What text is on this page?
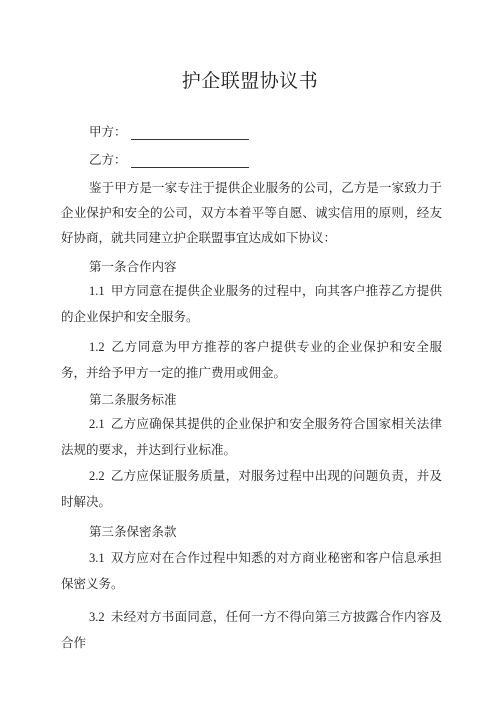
护企联盟协议书
甲方：
乙方：
鉴于甲方是一家专注于提供企业服务的公司，乙方是一家致力于企业保护和安全的公司，双方本着平等自愿、诚实信用的原则，经友好协商，就共同建立护企联盟事宜达成如下协议：
第一条合作内容
1.1 甲方同意在提供企业服务的过程中，向其客户推荐乙方提供的企业保护和安全服务。
1.2 乙方同意为甲方推荐的客户提供专业的企业保护和安全服务，并给予甲方一定的推广费用或佣金。
第二条服务标准
2.1 乙方应确保其提供的企业保护和安全服务符合国家相关法律法规的要求，并达到行业标准。
2.2 乙方应保证服务质量，对服务过程中出现的问题负责，并及时解决。
第三条保密条款
3.1 双方应对在合作过程中知悉的对方商业秘密和客户信息承担保密义务。
3.2 未经对方书面同意，任何一方不得向第三方披露合作内容及合作
